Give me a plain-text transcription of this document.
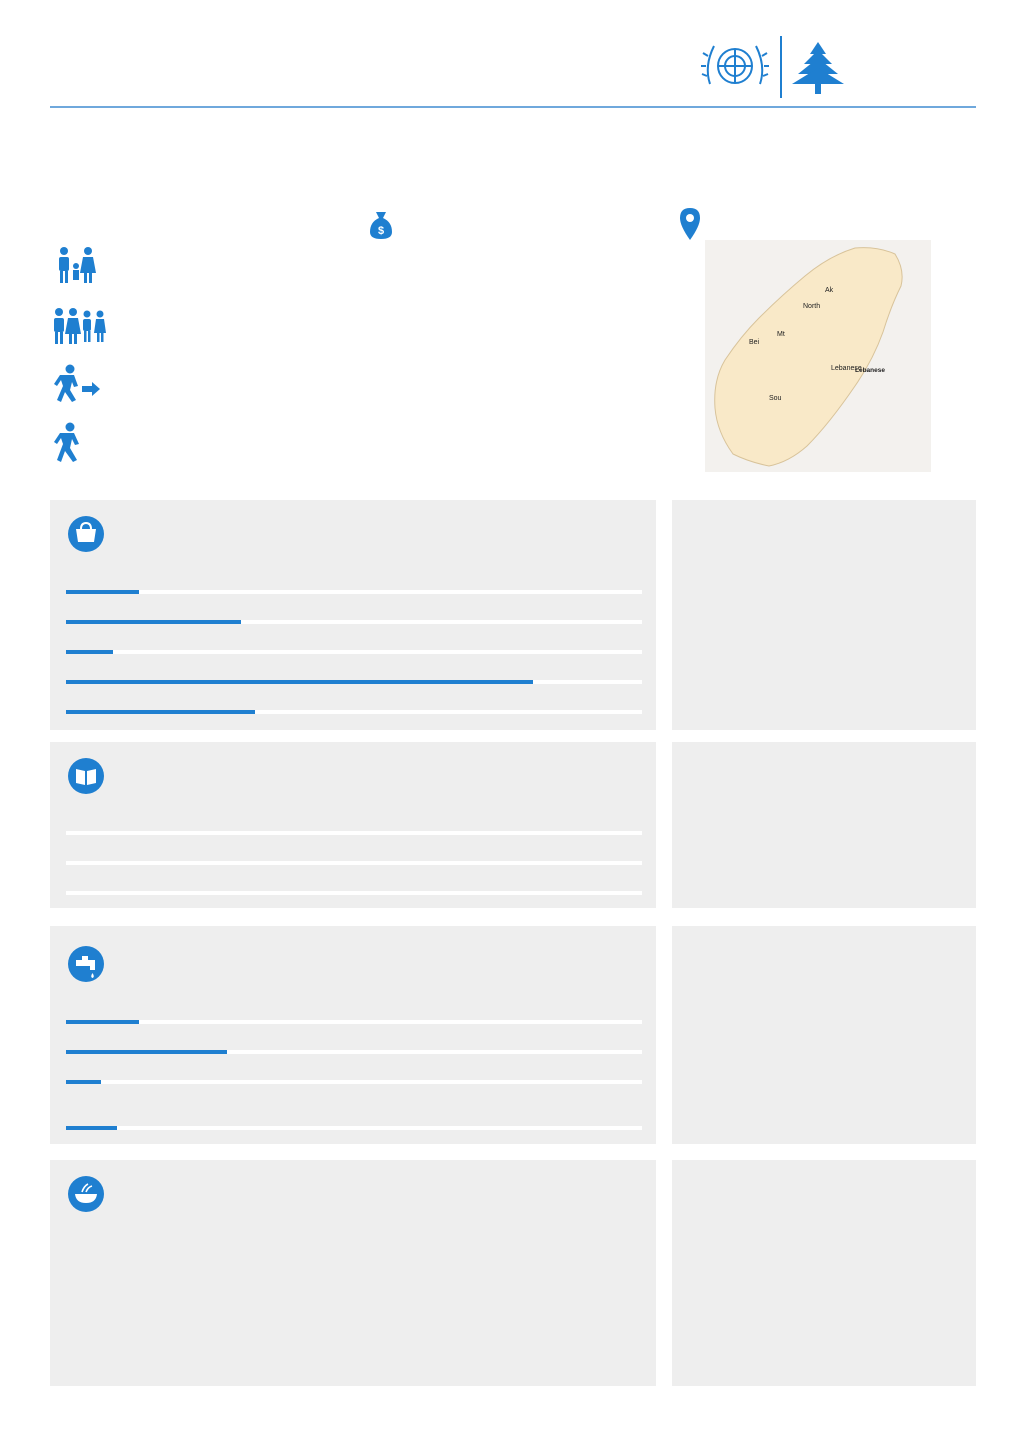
$
Ak
North
Mt
Bei
Sou
Lebanese
Lebanese
